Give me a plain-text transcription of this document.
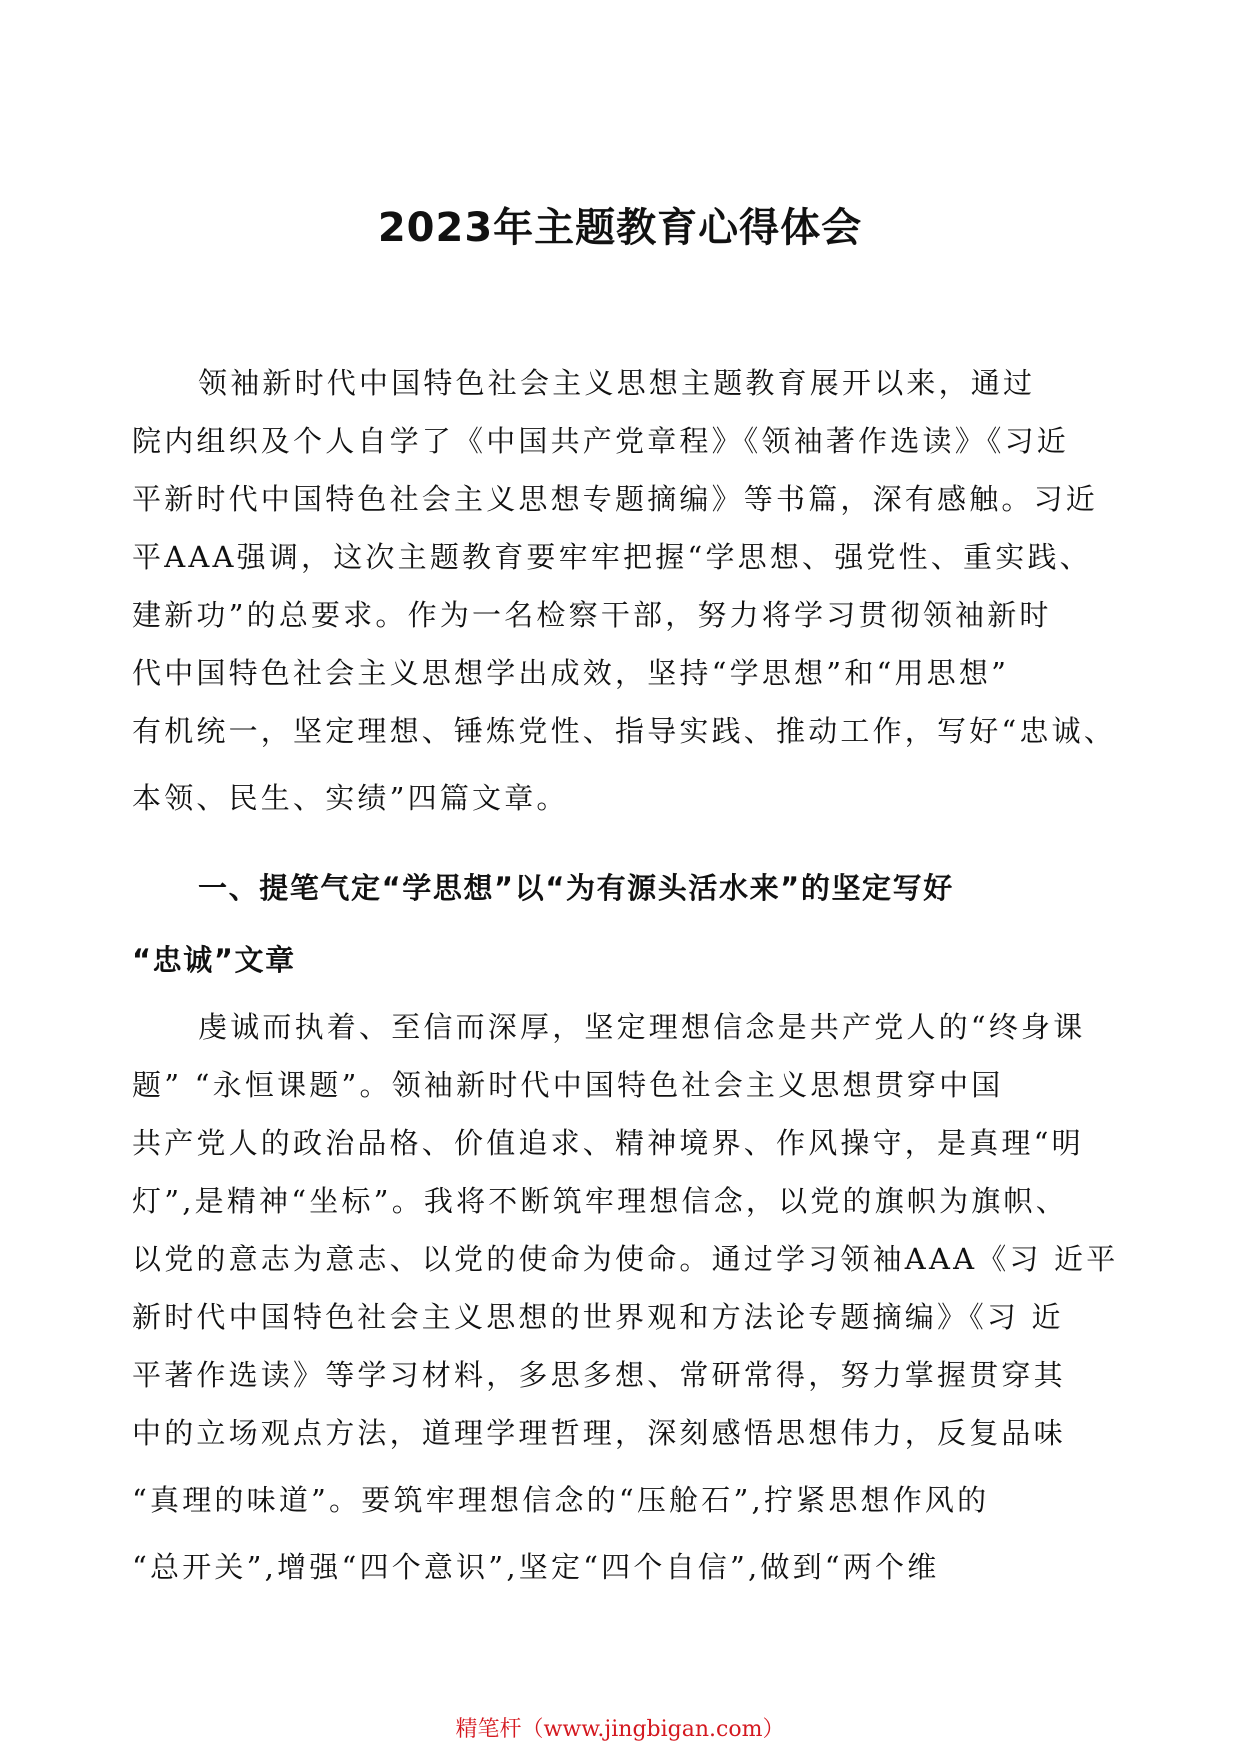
2023年主题教育心得体会
领袖新时代中国特色社会主义思想主题教育展开以来，通过
院内组织及个人自学了《中国共产党章程》《领袖著作选读》《习近
平新时代中国特色社会主义思想专题摘编》等书篇，深有感触。习近
平AAA强调，这次主题教育要牢牢把握“学思想、强党性、重实践、
建新功”的总要求。作为一名检察干部，努力将学习贯彻领袖新时
代中国特色社会主义思想学出成效，坚持“学思想”和“用思想”
有机统一，坚定理想、锤炼党性、指导实践、推动工作，写好“忠诚、
本领、民生、实绩”四篇文章。
一、提笔气定“学思想”以“为有源头活水来”的坚定写好
“忠诚”文章
虔诚而执着、至信而深厚，坚定理想信念是共产党人的“终身课
题” “永恒课题”。领袖新时代中国特色社会主义思想贯穿中国
共产党人的政治品格、价值追求、精神境界、作风操守，是真理“明
灯”,是精神“坐标”。我将不断筑牢理想信念，以党的旗帜为旗帜、
以党的意志为意志、以党的使命为使命。通过学习领袖AAA《习 近平
新时代中国特色社会主义思想的世界观和方法论专题摘编》《习 近
平著作选读》等学习材料，多思多想、常研常得，努力掌握贯穿其
中的立场观点方法，道理学理哲理，深刻感悟思想伟力，反复品味
“真理的味道”。要筑牢理想信念的“压舱石”,拧紧思想作风的
“总开关”,增强“四个意识”,坚定“四个自信”,做到“两个维
精笔杆（www.jingbigan.com）
